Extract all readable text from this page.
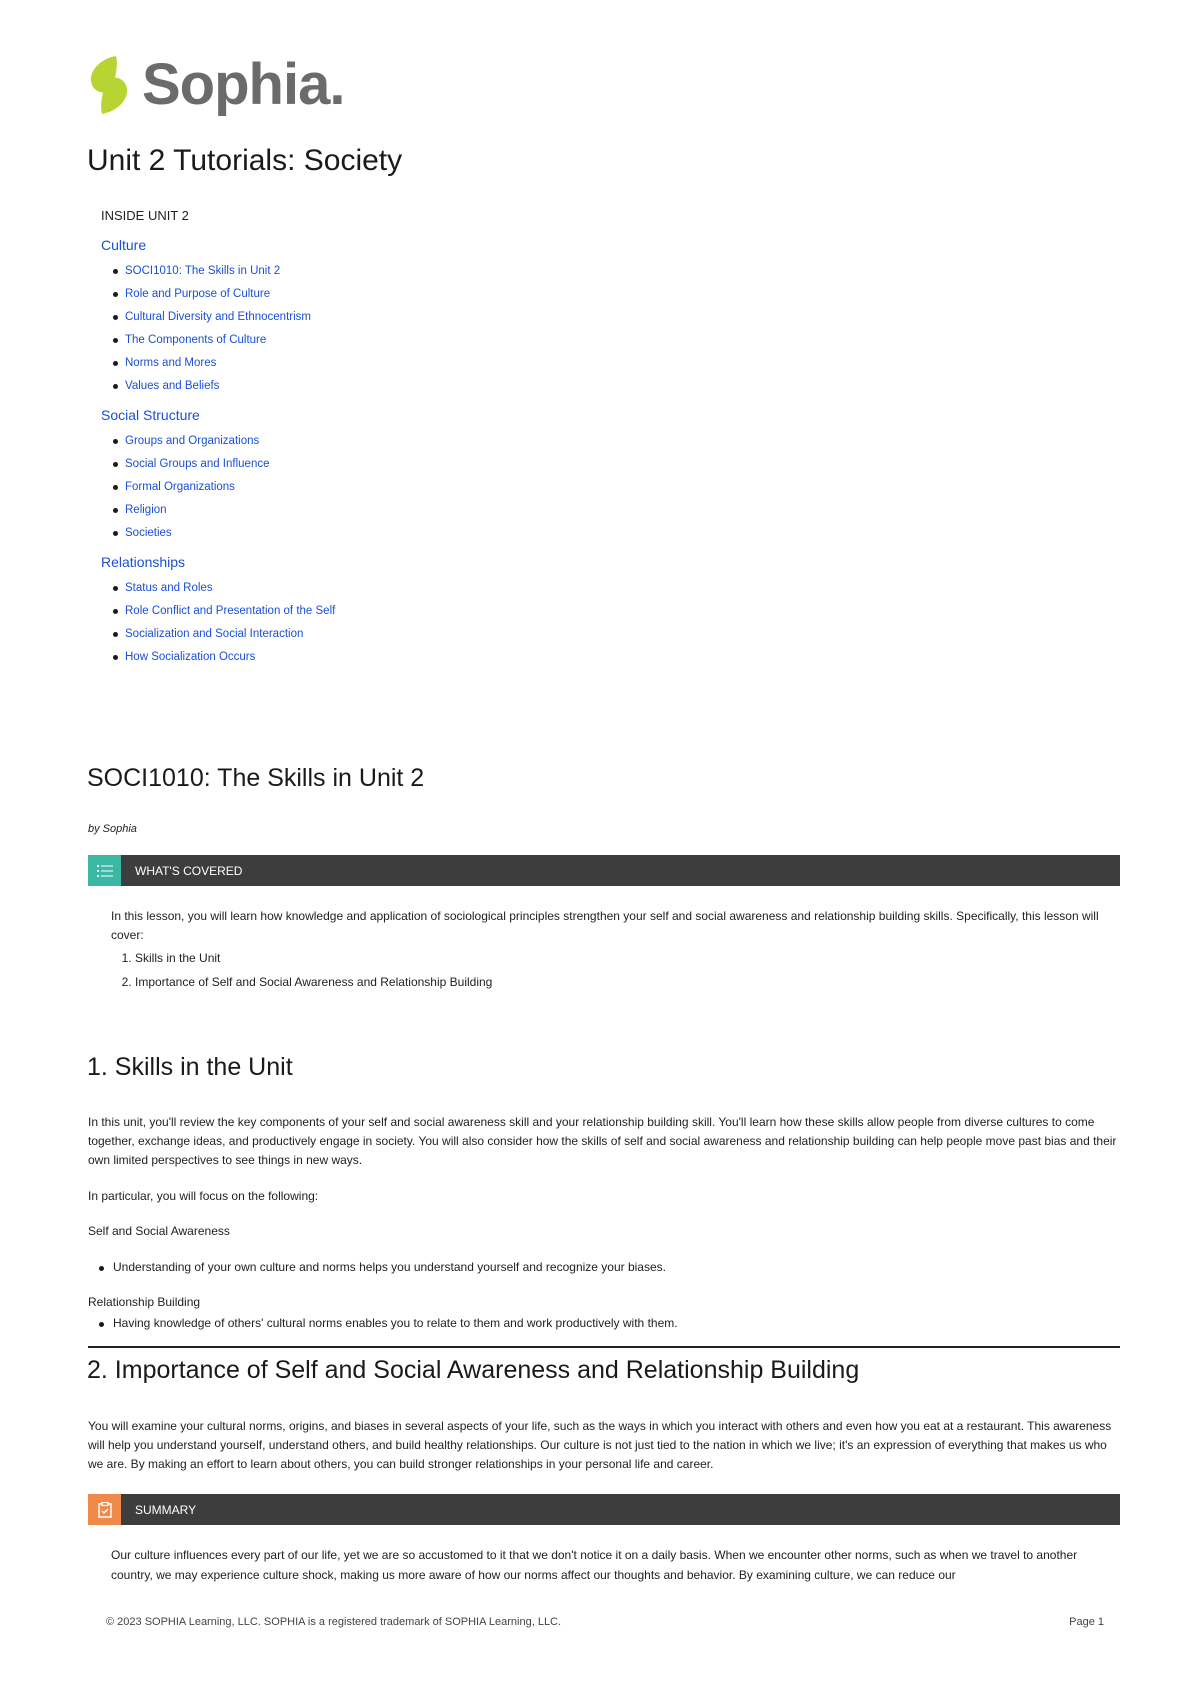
Sophia .
Unit 2 Tutorials: Society

INSIDE UNIT 2

Culture

SOCI1010: The Skills in Unit 2
Role and Purpose of Culture
Cultural Diversity and Ethnocentrism
The Components of Culture
Norms and Mores
Values and Beliefs

Social Structure

Groups and Organizations
Social Groups and Influence
Formal Organizations
Religion
Societies

Relationships

Status and Roles
Role Conflict and Presentation of the Self
Socialization and Social Interaction
How Socialization Occurs
SOCI1010: The Skills in Unit 2
by Sophia
WHAT'S COVERED

In this lesson, you will learn how knowledge and application of sociological principles strengthen your self and social awareness and relationship building skills. Specifically, this lesson will cover:

1. Skills in the Unit
2. Importance of Self and Social Awareness and Relationship Building
1. Skills in the Unit

In this unit, you'll review the key components of your self and social awareness skill and your relationship building skill. You'll learn how these skills allow people from diverse cultures to come together, exchange ideas, and productively engage in society. You will also consider how the skills of self and social awareness and relationship building can help people move past bias and their own limited perspectives to see things in new ways.

In particular, you will focus on the following:
Self and Social Awareness
Understanding of your own culture and norms helps you understand yourself and recognize your biases.
Relationship Building
Having knowledge of others' cultural norms enables you to relate to them and work productively with them.
2. Importance of Self and Social Awareness and Relationship Building

You will examine your cultural norms, origins, and biases in several aspects of your life, such as the ways in which you interact with others and even how you eat at a restaurant. This awareness will help you understand yourself, understand others, and build healthy relationships. Our culture is not just tied to the nation in which we live; it's an expression of everything that makes us who we are. By making an effort to learn about others, you can build stronger relationships in your personal life and career.

SUMMARY
Our culture influences every part of our life, yet we are so accustomed to it that we don't notice it on a daily basis. When we encounter other norms, such as when we travel to another country, we may experience culture shock, making us more aware of how our norms affect our thoughts and behavior. By examining culture, we can reduce our
© 2023 SOPHIA Learning, LLC. SOPHIA is a registered trademark of SOPHIA Learning, LLC.	Page 1
